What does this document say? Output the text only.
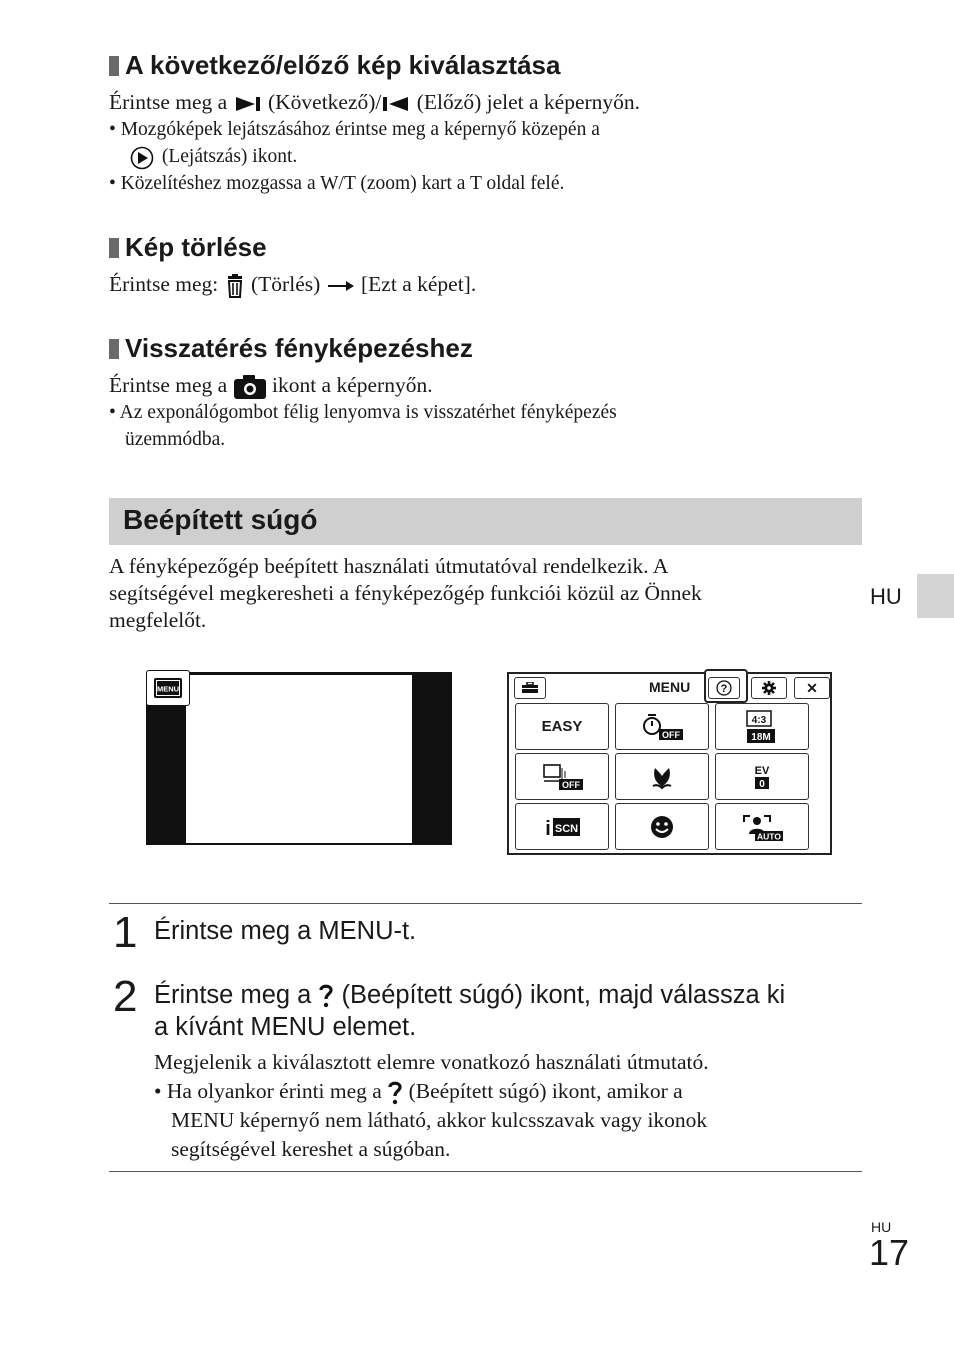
A következő/előző kép kiválasztása
Érintse meg a (Következő)/ (Előző) jelet a képernyőn.
• Mozgóképek lejátszásához érintse meg a képernyő közepén a
(Lejátszás) ikont.
• Közelítéshez mozgassa a W/T (zoom) kart a T oldal felé.
Kép törlése
Érintse meg: (Törlés) [Ezt a képet].
Visszatérés fényképezéshez
Érintse meg a ikont a képernyőn.
• Az exponálógombot félig lenyomva is visszatérhet fényképezés
üzemmódba.
Beépített súgó
A fényképezőgép beépített használati útmutatóval rendelkezik. A
segítségével megkeresheti a fényképezőgép funkciói közül az Önnek
megfelelőt.
HU
MENU	MENU	?	✕
EASY	OFF
4:3
18M
OFF
EV
0
i SCN
AUTO
1 Érintse meg a MENU-t.
2 Érintse meg a (Beépített súgó) ikont, majd válassza ki
a kívánt MENU elemet.
Megjelenik a kiválasztott elemre vonatkozó használati útmutató.
• Ha olyankor érinti meg a (Beépített súgó) ikont, amikor a
MENU képernyő nem látható, akkor kulcsszavak vagy ikonok
segítségével kereshet a súgóban.
HU
17
